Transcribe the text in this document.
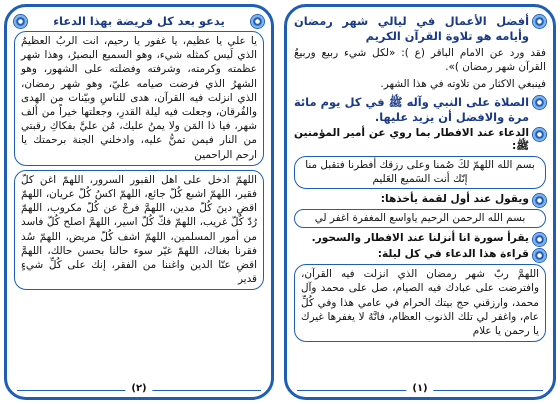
أفضل الأعمال في ليالي شهر رمضان وأيامه هو تلاوة القرآن الكريم

فقد ورد عن الامام الباقر (ع ): «لكل شيء ربيع وربيعُ القرآن شهر رمضان )».

فينبغي الاكثار من تلاوته في هذا الشهر.

الصلاة على النبي وآله ﷺ في كل يوم مائة مرة والافضل أن يزيد عليها.
الدعاء عند الافطار بما روي عن أمير المؤمنين ﷺ:

بسم الله اللهمّ لكَ صُمنا وعلى رزقك أفطرنا فتقبل منا إنّك أنت السَميع العَليم

ويقول عند أول لقمة يأخذها:

بسم الله الرحمن الرحيم ياواسع المغفرة اغفر لي

يقرأ سورة انا أنزلنا عند الافطار والسحور.
قراءة هذا الدعاء في كل ليلة:

اللهمَّ ربّ شهر رمضان الذي انزلت فيه القرآن، وافترضت على عبادك فيه الصيام، صل على محمد وآل محمد، وارزقني حج بيتك الحرام في عامي هذا وفي كُلِّ عام، واغفر لي تلك الذنوب العظام، فانَّهُ لا يغفرها غيرك يا رحمن يا علام

(١)
يدعو بعد كل فريضة بهذا الدعاء

يا علي يا عظيم، يا غفور يا رحيم، انت الربُ العظيمُ الذي لَيس كمثله شيء، وهو السميع البصيرُ، وهذا شهر عظمته وكرمته، وشرفته وفضلته على الشهور، وهو الشهرُ الذي فرضت صيامه عليّ، وهو شهر رمضان، الذي انزلت فيه القرآن، هدى للناسِ وبيّنات من الهدى والفُرقان، وجعلت فيه ليلة القدرِ، وجعلتها خيراً من ألف شهر، فيا ذا المَن ولا يمنُ عليك، مُن عليَّ بفكاكِ رقبتي من النار فيمن تمنُّ عليه، وادخلني الجنة برحمتك يا ارحم الراحمين

اللهمّ ادخل على اهل القبور السرور، اللهمّ اغن كلّ فقير، اللهمّ اشبع كُلّ جائع، اللهمّ اكسُ كُلّ عريان، اللهمّ اقضِ دينَ كُلّ مدين، اللهمَّ فرجْ عن كُلّ مكروب، اللهمّ رُدّ كُلّ غريب، اللهمّ فكّ كُلّ اسير، اللهمَّ اصلح كُلّ فاسد من أمور المسلمين، اللهمّ اشف كُلّ مريض، اللهمّ سُد فقرنا بغناك، اللهمّ غيّر سوء حالنا بحسن حالك، اللهمَّ اقضِ عنّا الدين واغننا من الفقر، إنك على كُلِّ شيءٍ قدير

(٢)
